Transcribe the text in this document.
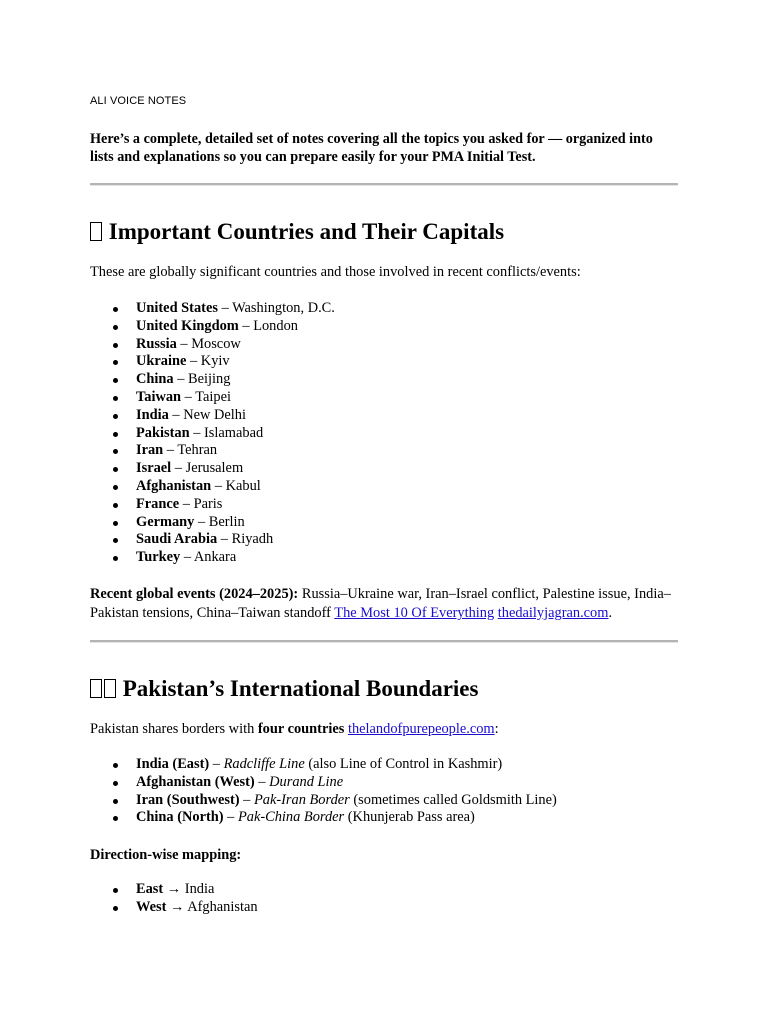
ALI VOICE NOTES

Here’s a complete, detailed set of notes covering all the topics you asked for — organized into lists and explanations so you can prepare easily for your PMA Initial Test.

Important Countries and Their Capitals

These are globally significant countries and those involved in recent conflicts/events:

United States – Washington, D.C.
United Kingdom – London
Russia – Moscow
Ukraine – Kyiv
China – Beijing
Taiwan – Taipei
India – New Delhi
Pakistan – Islamabad
Iran – Tehran
Israel – Jerusalem
Afghanistan – Kabul
France – Paris
Germany – Berlin
Saudi Arabia – Riyadh
Turkey – Ankara

Recent global events (2024–2025): Russia–Ukraine war, Iran–Israel conflict, Palestine issue, India–Pakistan tensions, China–Taiwan standoff The Most 10 Of Everything thedailyjagran.com.

Pakistan’s International Boundaries

Pakistan shares borders with four countries thelandofpurepeople.com:

India (East) – Radcliffe Line (also Line of Control in Kashmir)
Afghanistan (West) – Durand Line
Iran (Southwest) – Pak-Iran Border (sometimes called Goldsmith Line)
China (North) – Pak-China Border (Khunjerab Pass area)

Direction-wise mapping:

East → India
West → Afghanistan
